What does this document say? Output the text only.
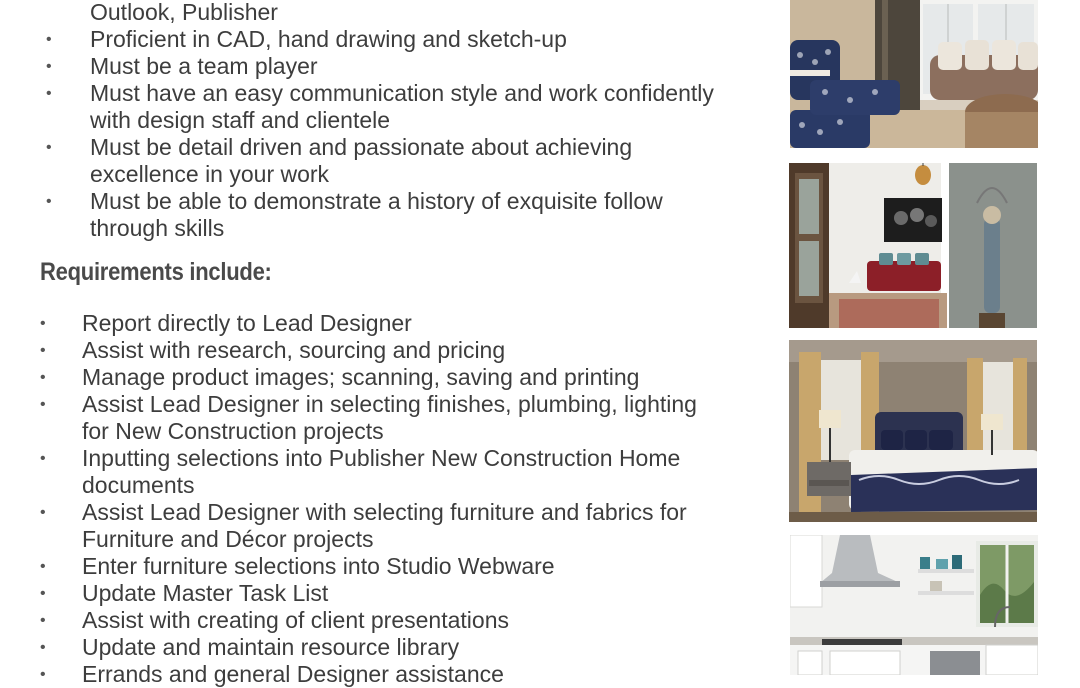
Outlook, Publisher
• Proficient in CAD, hand drawing and sketch-up
• Must be a team player
• Must have an easy communication style and work confidently
with design staff and clientele
• Must be detail driven and passionate about achieving
excellence in your work
• Must be able to demonstrate a history of exquisite follow
through skills
Requirements include:
• Report directly to Lead Designer
• Assist with research, sourcing and pricing
• Manage product images; scanning, saving and printing
• Assist Lead Designer in selecting finishes, plumbing, lighting
for New Construction projects
• Inputting selections into Publisher New Construction Home
documents
• Assist Lead Designer with selecting furniture and fabrics for
Furniture and Décor projects
• Enter furniture selections into Studio Webware
• Update Master Task List
• Assist with creating of client presentations
• Update and maintain resource library
• Errands and general Designer assistance
